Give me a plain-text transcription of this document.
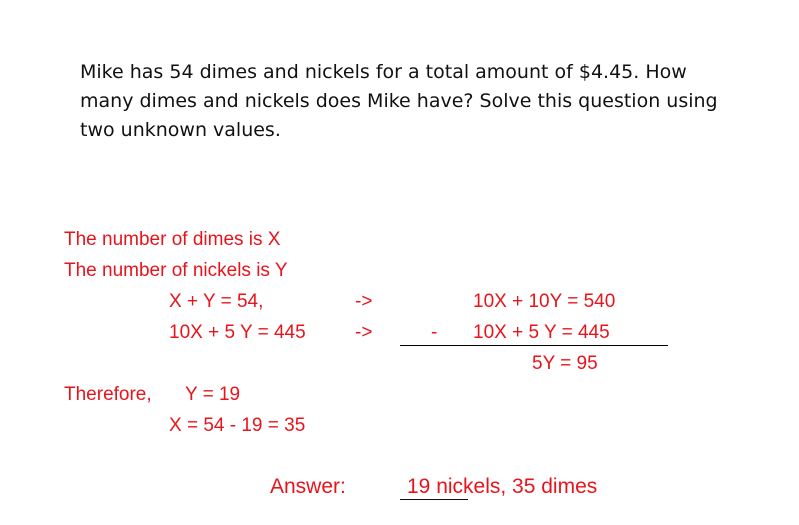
Mike has 54 dimes and nickels for a total amount of $4.45. How many dimes and nickels does Mike have? Solve this question using two unknown values.
The number of dimes is X
The number of nickels is Y
X + Y = 54,
10X + 5 Y = 445
->
->
10X + 10Y = 540
- 10X + 5 Y = 445
5Y = 95
Therefore, Y = 19
X = 54 - 19 = 35
Answer:	19 nickels, 35 dimes
